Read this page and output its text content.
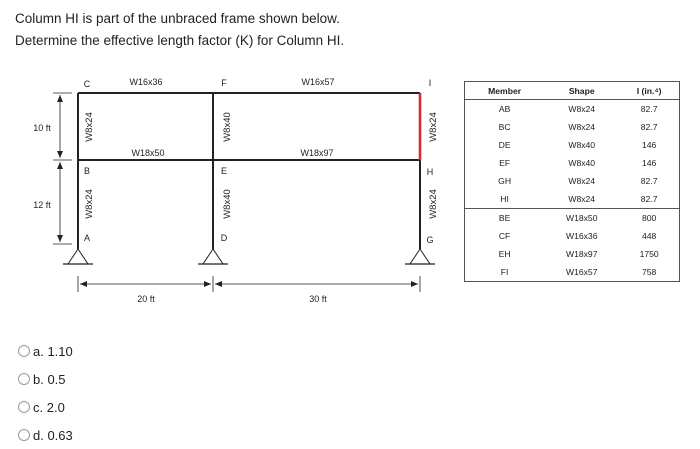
Column HI is part of the unbraced frame shown below.
Determine the effective length factor (K) for Column HI.
C	F	I
B	E	H
A	D	G
W16x36	W16x57
W18x50	W18x97
W8x24
W8x24
W8x40
W8x40
W8x24
W8x24
10 ft
12 ft
20 ft	30 ft
Member	Shape	I (in.⁴)
AB	W8x24	82.7
BC	W8x24	82.7
DE	W8x40	146
EF	W8x40	146
GH	W8x24	82.7
HI	W8x24	82.7
BE	W18x50	800
CF	W16x36	448
EH	W18x97	1750
FI	W16x57	758
a. 1.10
b. 0.5
c. 2.0
d. 0.63
